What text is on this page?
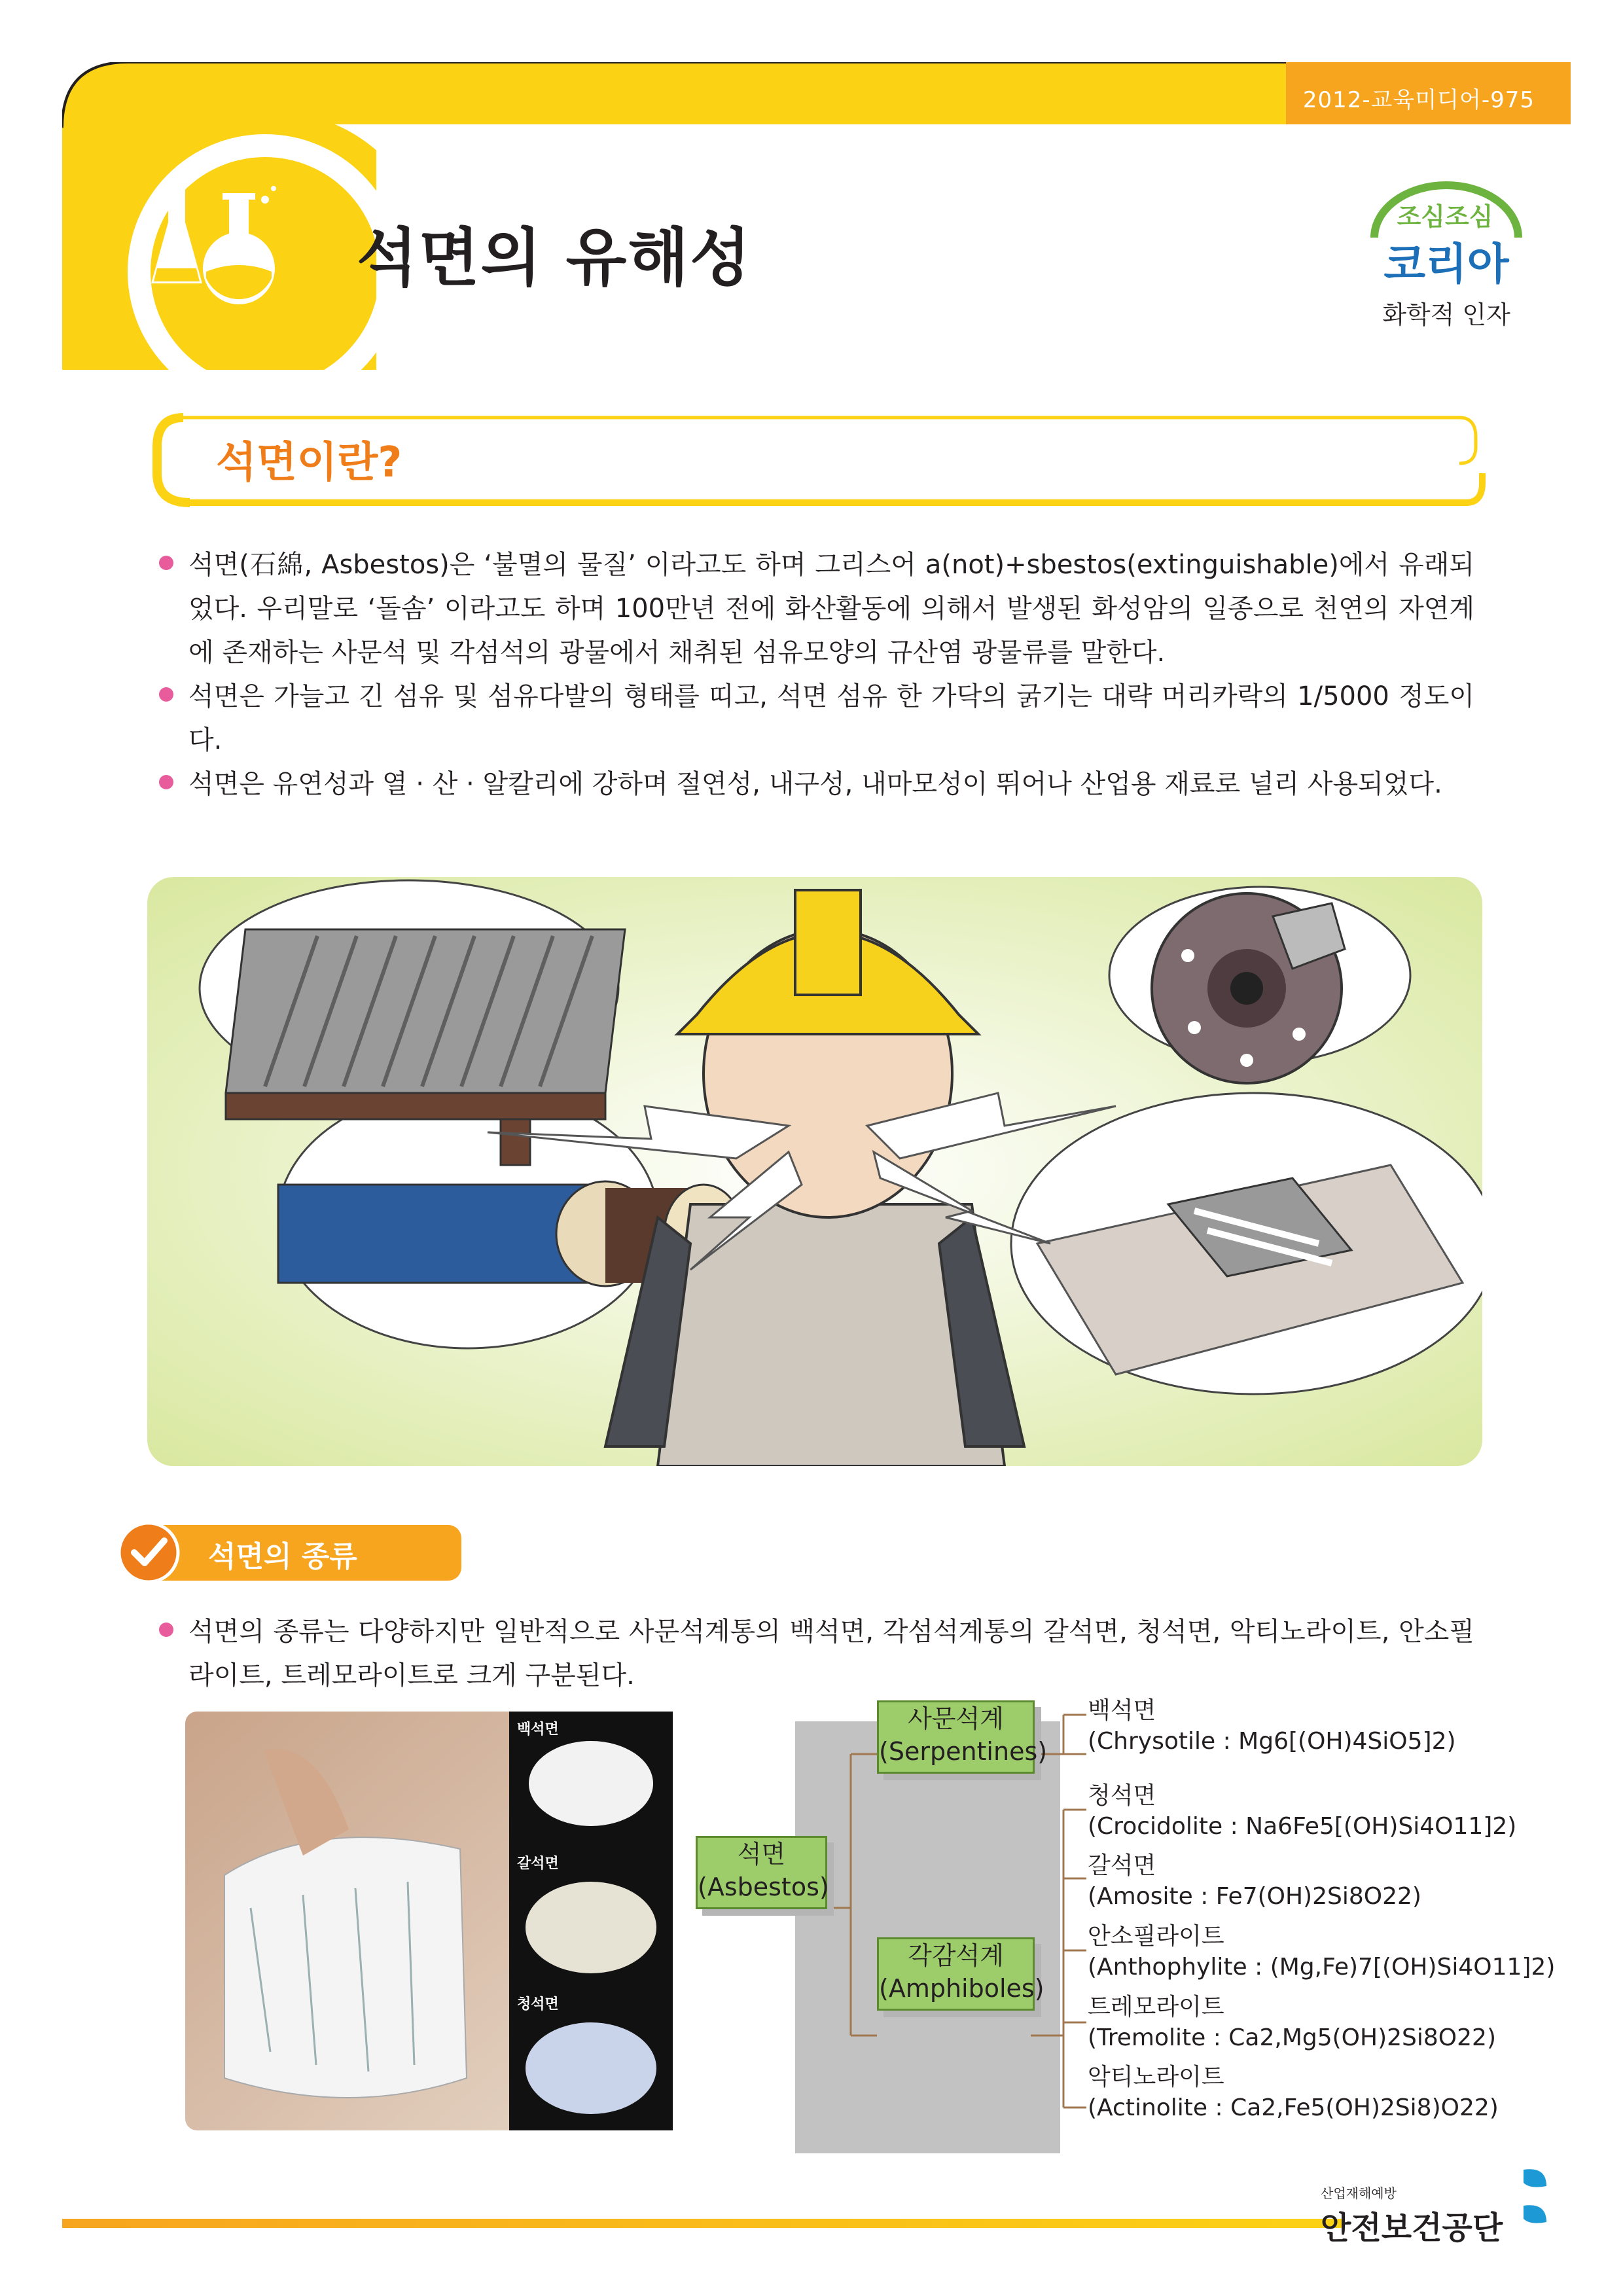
2012-교육미디어-975
석면의 유해성
조심조심
코리아
화학적 인자
석면이란?
석면(石綿, Asbestos)은 ‘불멸의 물질’ 이라고도 하며 그리스어 a(not)+sbestos(extinguishable)에서 유래되었다. 우리말로 ‘돌솜’ 이라고도 하며 100만년 전에 화산활동에 의해서 발생된 화성암의 일종으로 천연의 자연계에 존재하는 사문석 및 각섬석의 광물에서 채취된 섬유모양의 규산염 광물류를 말한다.
석면은 가늘고 긴 섬유 및 섬유다발의 형태를 띠고, 석면 섬유 한 가닥의 굵기는 대략 머리카락의 1/5000 정도이다.
석면은 유연성과 열 · 산 · 알칼리에 강하며 절연성, 내구성, 내마모성이 뛰어나 산업용 재료로 널리 사용되었다.
석면의 종류
석면의 종류는 다양하지만 일반적으로 사문석계통의 백석면, 각섬석계통의 갈석면, 청석면, 악티노라이트, 안소필라이트, 트레모라이트로 크게 구분된다.
백석면
갈석면
청석면
석면
(Asbestos)
사문석계
(Serpentines)
각감석계
(Amphiboles)
백석면
(Chrysotile : Mg6[(OH)4SiO5]2)
청석면
(Crocidolite : Na6Fe5[(OH)Si4O11]2)
갈석면
(Amosite : Fe7(OH)2Si8O22)
안소필라이트
(Anthophylite : (Mg,Fe)7[(OH)Si4O11]2)
트레모라이트
(Tremolite : Ca2,Mg5(OH)2Si8O22)
악티노라이트
(Actinolite : Ca2,Fe5(OH)2Si8)O22)
산업재해예방
안전보건공단
